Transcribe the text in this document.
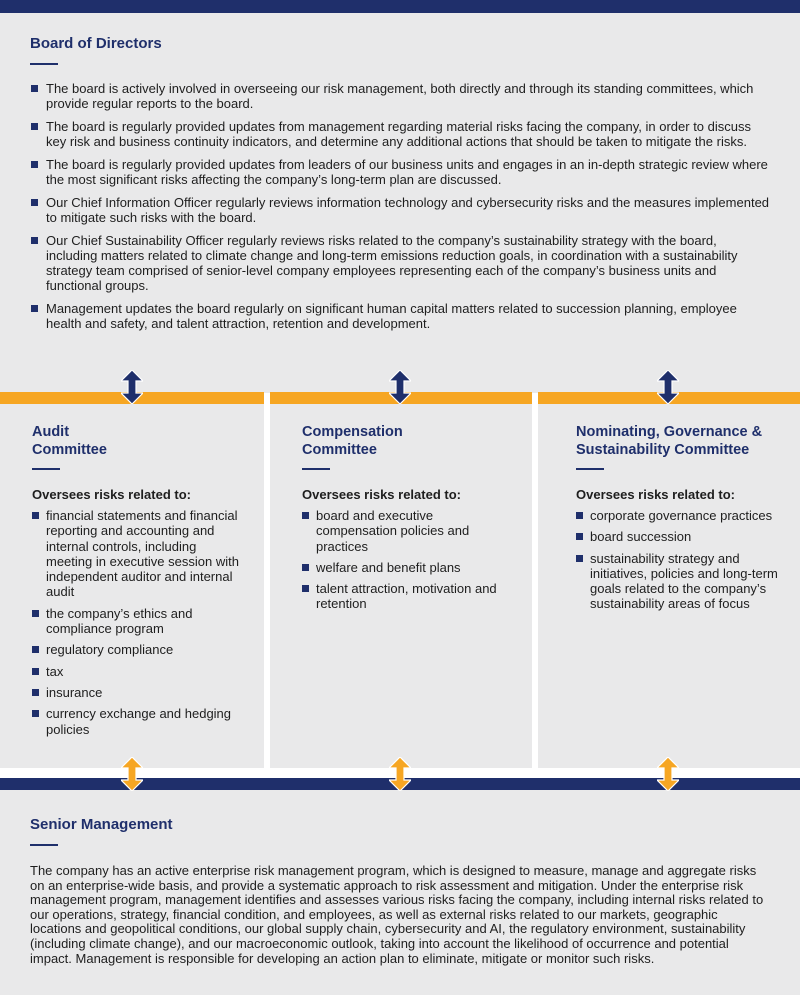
Board of Directors
The board is actively involved in overseeing our risk management, both directly and through its standing committees, which provide regular reports to the board.
The board is regularly provided updates from management regarding material risks facing the company, in order to discuss key risk and business continuity indicators, and determine any additional actions that should be taken to mitigate the risks.
The board is regularly provided updates from leaders of our business units and engages in an in-depth strategic review where the most significant risks affecting the company’s long-term plan are discussed.
Our Chief Information Officer regularly reviews information technology and cybersecurity risks and the measures implemented to mitigate such risks with the board.
Our Chief Sustainability Officer regularly reviews risks related to the company’s sustainability strategy with the board, including matters related to climate change and long-term emissions reduction goals, in coordination with a sustainability strategy team comprised of senior-level company employees representing each of the company’s business units and functional groups.
Management updates the board regularly on significant human capital matters related to succession planning, employee health and safety, and talent attraction, retention and development.
Audit
Committee
Oversees risks related to:
financial statements and financial reporting and accounting and internal controls, including meeting in executive session with independent auditor and internal audit
the company’s ethics and compliance program
regulatory compliance
tax
insurance
currency exchange and hedging policies
Compensation
Committee
Oversees risks related to:
board and executive compensation policies and practices
welfare and benefit plans
talent attraction, motivation and retention
Nominating, Governance &
Sustainability Committee
Oversees risks related to:
corporate governance practices
board succession
sustainability strategy and initiatives, policies and long-term goals related to the company’s sustainability areas of focus
Senior Management

The company has an active enterprise risk management program, which is designed to measure, manage and aggregate risks on an enterprise-wide basis, and provide a systematic approach to risk assessment and mitigation. Under the enterprise risk management program, management identifies and assesses various risks facing the company, including internal risks related to our operations, strategy, financial condition, and employees, as well as external risks related to our markets, geographic locations and geopolitical conditions, our global supply chain, cybersecurity and AI, the regulatory environment, sustainability (including climate change), and our macroeconomic outlook, taking into account the likelihood of occurrence and potential impact. Management is responsible for developing an action plan to eliminate, mitigate or monitor such risks.
